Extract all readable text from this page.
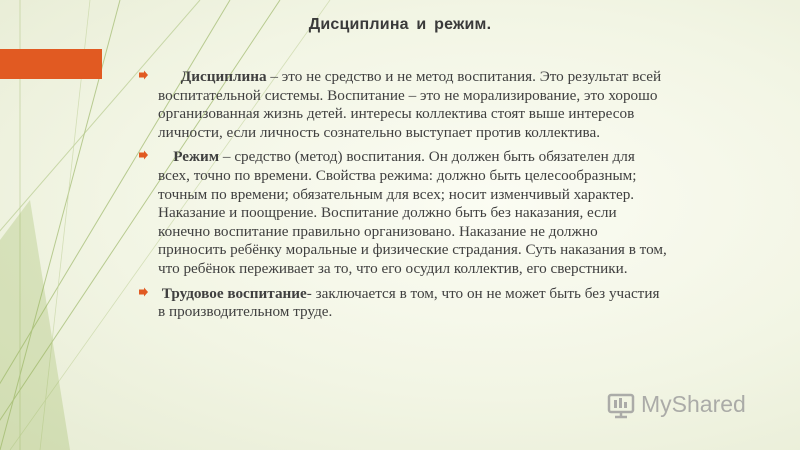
Дисциплина и режим.
Дисциплина – это не средство и не метод воспитания. Это результат всей воспитательной системы. Воспитание – это не морализирование, это хорошо организованная жизнь детей. интересы коллектива стоят выше интересов личности, если личность сознательно выступает против коллектива.
Режим – средство (метод) воспитания. Он должен быть обязателен для всех, точно по времени. Свойства режима: должно быть целесообразным; точным по времени; обязательным для всех; носит изменчивый характер. Наказание и поощрение. Воспитание должно быть без наказания, если конечно воспитание правильно организовано. Наказание не должно приносить ребёнку моральные и физические страдания. Суть наказания в том, что ребёнок переживает за то, что его осудил коллектив, его сверстники.
Трудовое воспитание- заключается в том, что он не может быть без участия в производительном труде.
MyShared
